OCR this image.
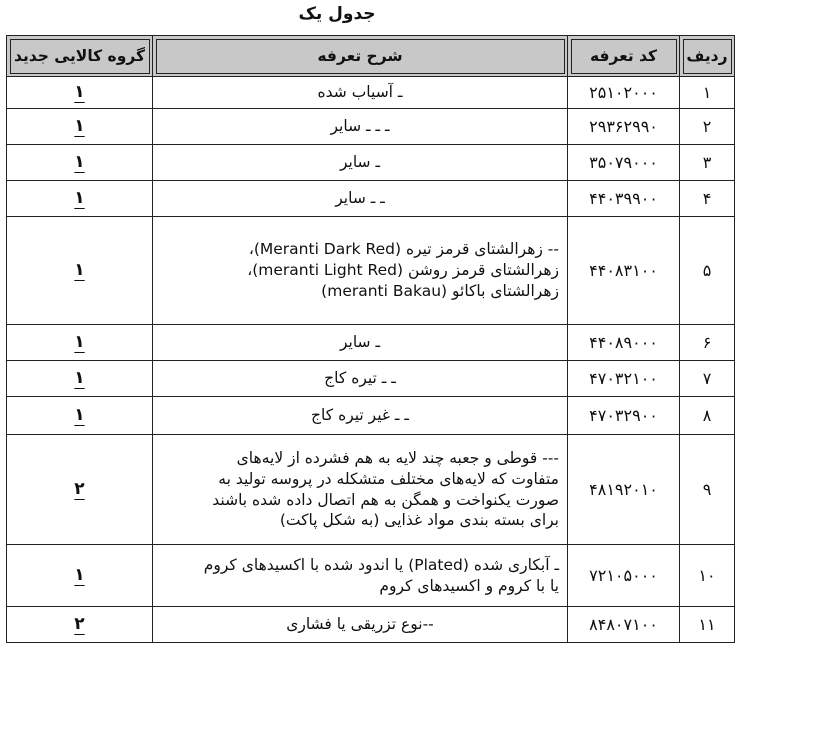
جدول یک
ردیف	کد تعرفه	شرح تعرفه	گروه کالایی جدید
۱	۲۵۱۰۲۰۰۰	ـ آسیاب شده	۱
۲	۲۹۳۶۲۹۹۰	ـ ـ ـ سایر	۱
۳	۳۵۰۷۹۰۰۰	ـ سایر	۱
۴	۴۴۰۳۹۹۰۰	ـ ـ سایر	۱
۵	۴۴۰۸۳۱۰۰	-- زهرالشتای قرمز تیره (Meranti Dark Red)،
زهرالشتای قرمز روشن (meranti Light Red)،
زهرالشتای باکائو (meranti Bakau)	۱
۶	۴۴۰۸۹۰۰۰	ـ سایر	۱
۷	۴۷۰۳۲۱۰۰	ـ ـ تیره کاج	۱
۸	۴۷۰۳۲۹۰۰	ـ ـ غیر تیره کاج	۱
۹	۴۸۱۹۲۰۱۰	--- قوطی و جعبه چند لایه به هم فشرده از لایه‌های
متفاوت که لایه‌های مختلف متشکله در پروسه تولید به
صورت یکنواخت و همگن به هم اتصال داده شده باشند
برای بسته بندی مواد غذایی (به شکل پاکت)	۲
۱۰	۷۲۱۰۵۰۰۰	ـ آبکاری شده (Plated) یا اندود شده با اکسیدهای کروم
یا با کروم و اکسیدهای کروم	۱
۱۱	۸۴۸۰۷۱۰۰	--نوع تزریقی یا فشاری	۲
